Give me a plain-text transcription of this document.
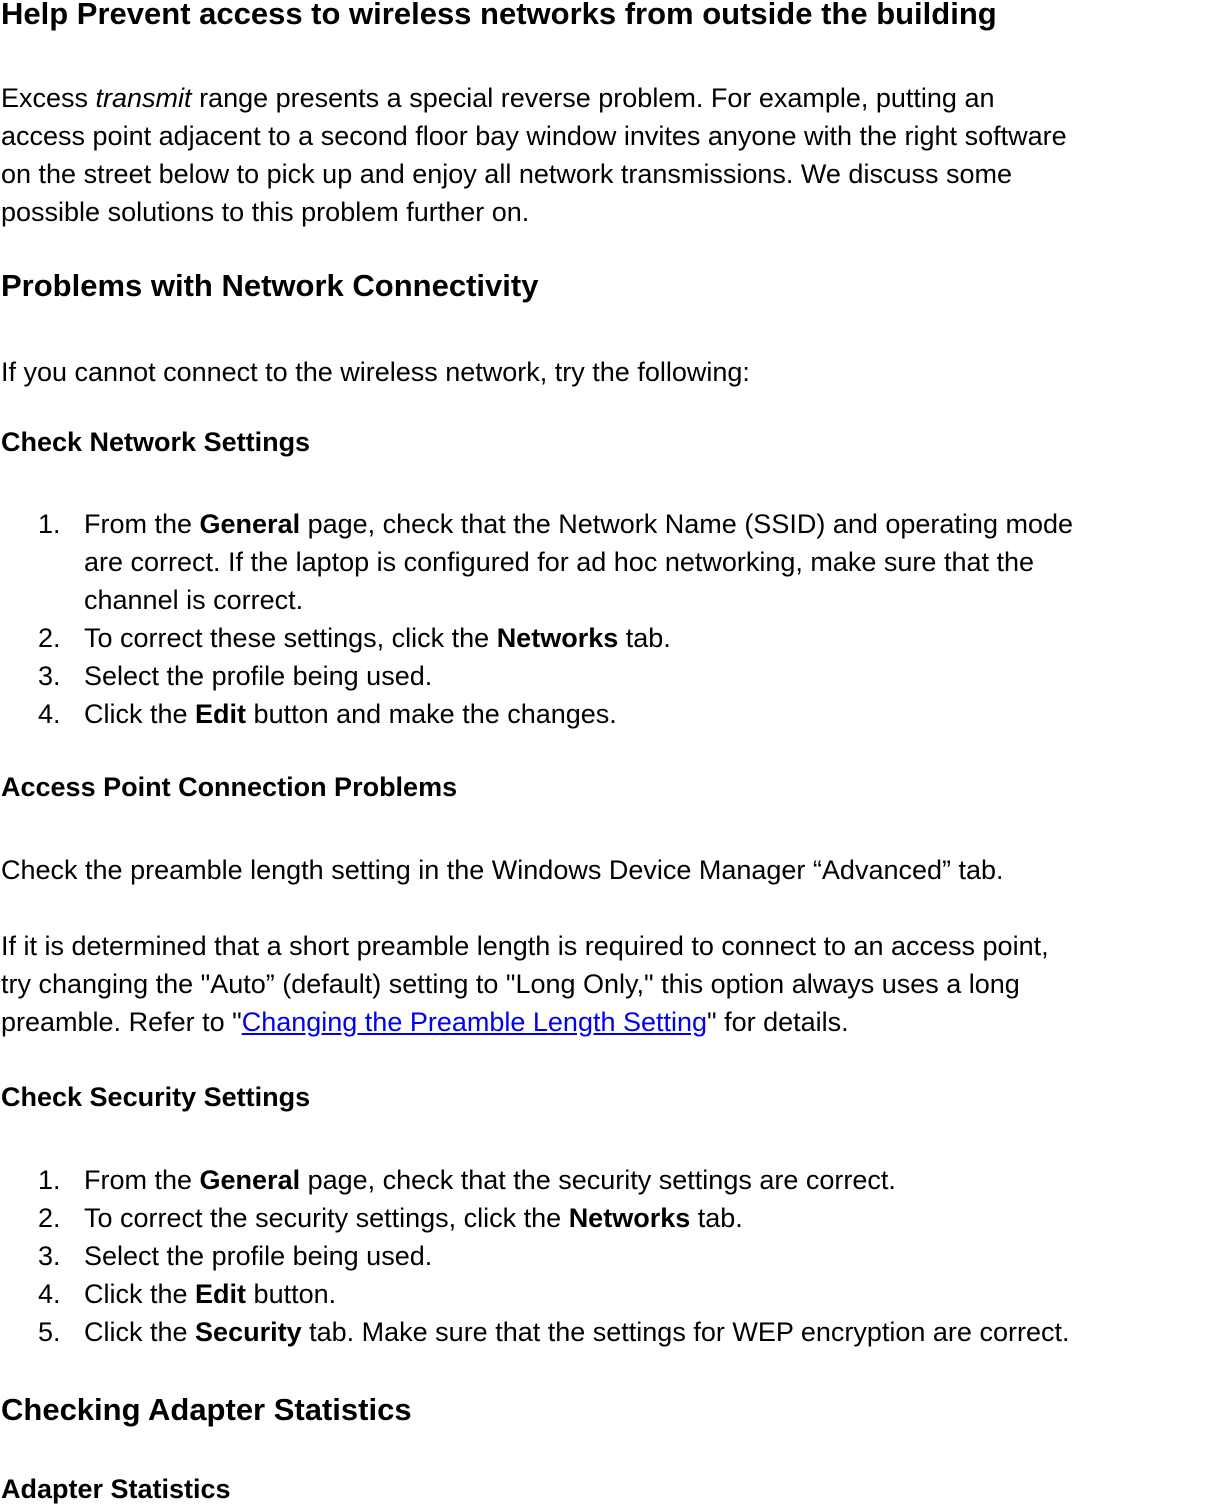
Help Prevent access to wireless networks from outside the building

Excess transmit range presents a special reverse problem. For example, putting an
access point adjacent to a second floor bay window invites anyone with the right software
on the street below to pick up and enjoy all network transmissions. We discuss some
possible solutions to this problem further on.

Problems with Network Connectivity

If you cannot connect to the wireless network, try the following:

Check Network Settings
1. From the General page, check that the Network Name (SSID) and operating mode
are correct. If the laptop is configured for ad hoc networking, make sure that the
channel is correct.
2. To correct these settings, click the Networks tab.
3. Select the profile being used.
4. Click the Edit button and make the changes.
Access Point Connection Problems

Check the preamble length setting in the Windows Device Manager “Advanced” tab.

If it is determined that a short preamble length is required to connect to an access point,
try changing the "Auto” (default) setting to "Long Only," this option always uses a long
preamble. Refer to "Changing the Preamble Length Setting" for details.

Check Security Settings
1. From the General page, check that the security settings are correct.
2. To correct the security settings, click the Networks tab.
3. Select the profile being used.
4. Click the Edit button.
5. Click the Security tab. Make sure that the settings for WEP encryption are correct.
Checking Adapter Statistics
Adapter Statistics
